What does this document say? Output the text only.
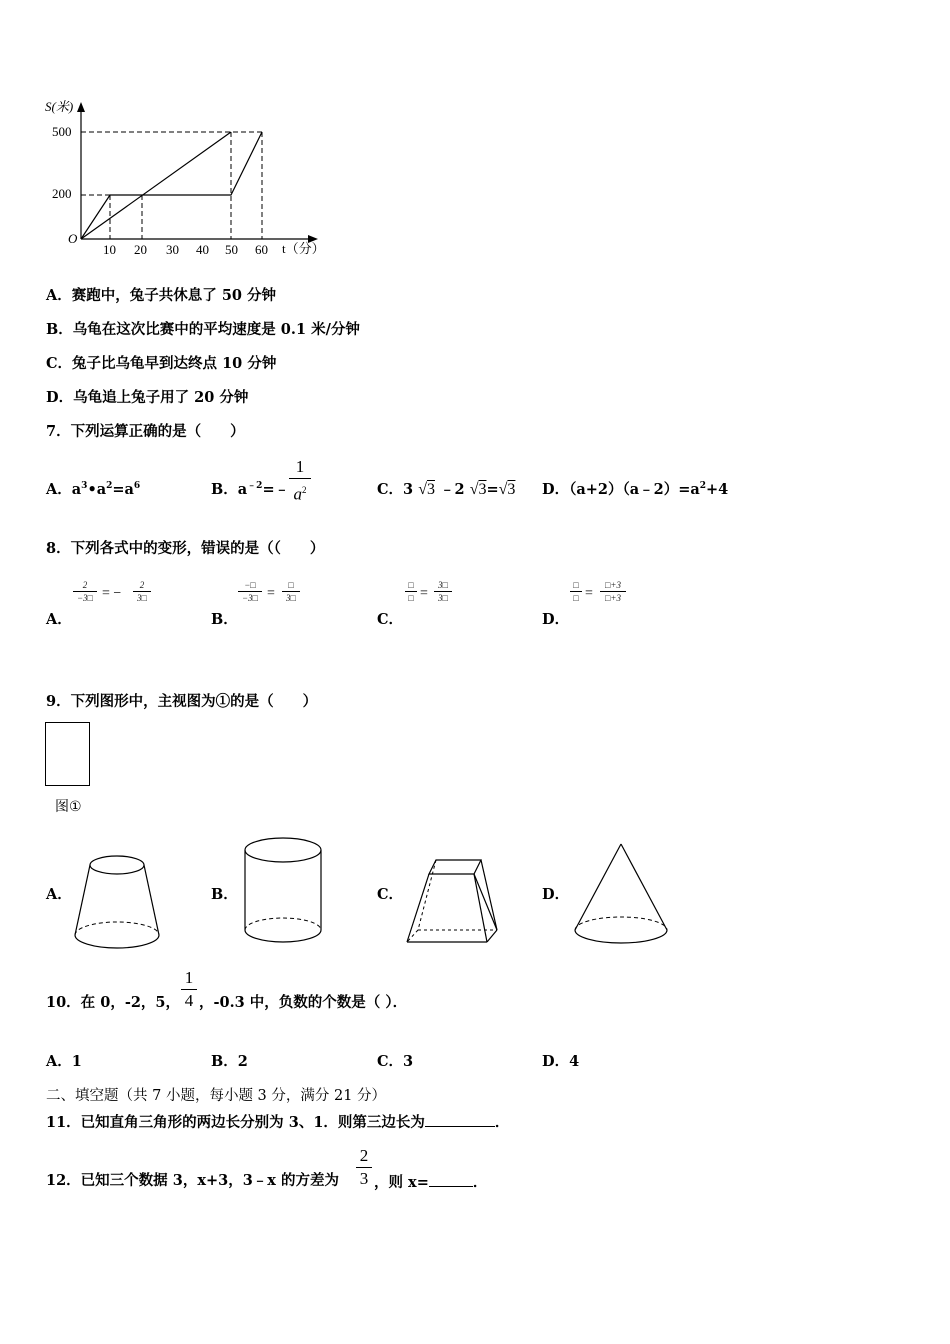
S(米)
500
200
O
10 20 30 40 50 60 t（分）
A．赛跑中，兔子共休息了 50 分钟
B．乌龟在这次比赛中的平均速度是 0.1 米/分钟
C．兔子比乌龟早到达终点 10 分钟
D．乌龟追上兔子用了 20 分钟
7．下列运算正确的是（　　）
A．$a^3•a^2=a^6$	B．$a^{﹣2}=﹣$
1
$a^2$	C．3 √3 ﹣2 √3=√3 D．$(a+2)(a﹣2)=a^2+4$
8．下列各式中的变形，错误的是（（　　）
2
−3□ = −
2
3□
A．
−□
−3□ =
□
3□
B．
□
□ =
3□
3□
C．
□
□ =
□+3
□+3
D．
9．下列图形中，主视图为①的是（　　）
图①
A．	B．	C．	D．
10．在 0，-2，5，
1
4 ，-0.3 中，负数的个数是（ ）．
A．1	B．2	C．3	D．4
二、填空题（共 7 小题，每小题 3 分，满分 21 分）
11．已知直角三角形的两边长分别为 3、1．则第三边长为	．
12．已知三个数据 3，x+3，3﹣x 的方差为
2
3 ，则 x=	．
